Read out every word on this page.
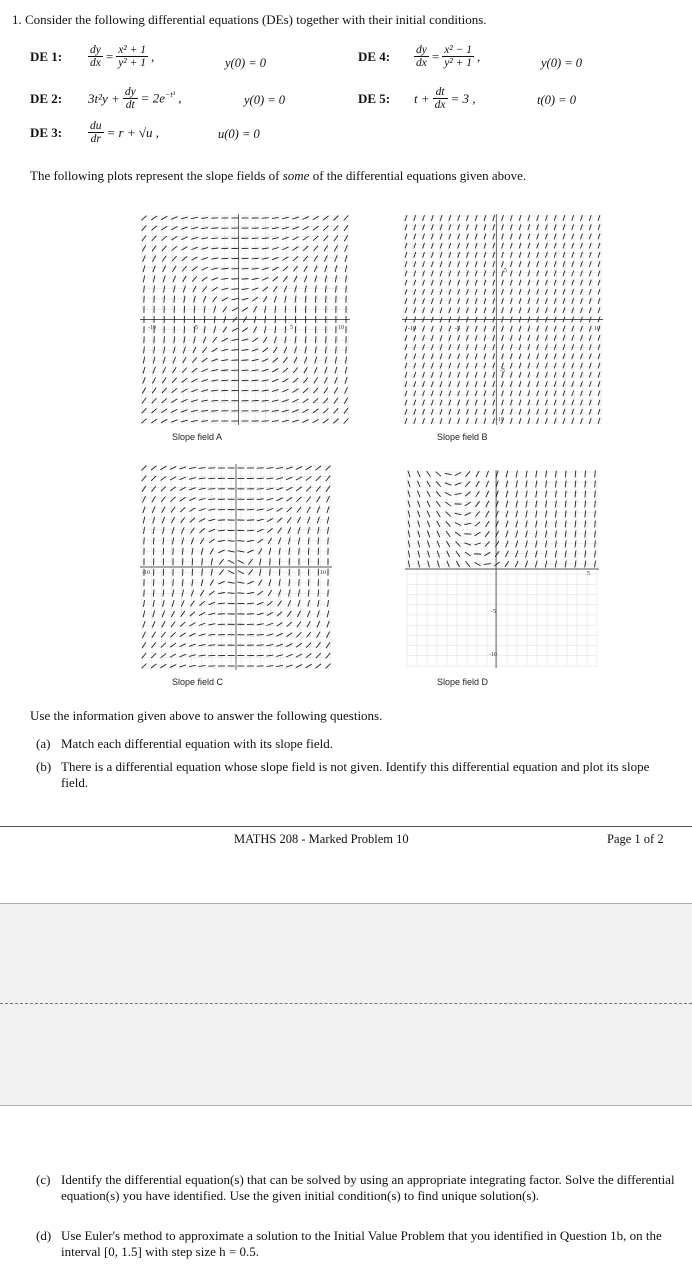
1. Consider the following differential equations (DEs) together with their initial conditions.
DE 1:	$\frac{dy}{dx} = \frac{\text{x² + 1}}{\text{y² + 1}}$ ,	y(0) = 0	DE 4:	$\frac{dy}{dx} = \frac{\text{x² − 1}}{\text{y² + 1}}$ ,	y(0) = 0
DE 2:	$3t^2y + \frac{dy}{dt} = 2e^{-t^3}$ ,	y(0) = 0	DE 5:	$t + \frac{dt}{dx} = 3$ ,	t(0) = 0
DE 3:	$\frac{du}{dr} = r + √u$ ,	u(0) = 0
The following plots represent the slope fields of some of the differential equations given above.
-10	-5	5	10
Slope field A
-10	-5	10
5
-5
-10
Slope field B
-10	10
Slope field C
5
-5
-10
Slope field D
Use the information given above to answer the following questions.
(a) Match each differential equation with its slope field.
(b) There is a differential equation whose slope field is not given. Identify this differential equation and plot its slope field.
MATHS 208 - Marked Problem 10	Page 1 of 2
(c) Identify the differential equation(s) that can be solved by using an appropriate integrating factor. Solve the differential equation(s) you have identified. Use the given initial condition(s) to find unique solution(s).
(d) Use Euler's method to approximate a solution to the Initial Value Problem that you identified in Question 1b, on the interval [0, 1.5] with step size h = 0.5.
